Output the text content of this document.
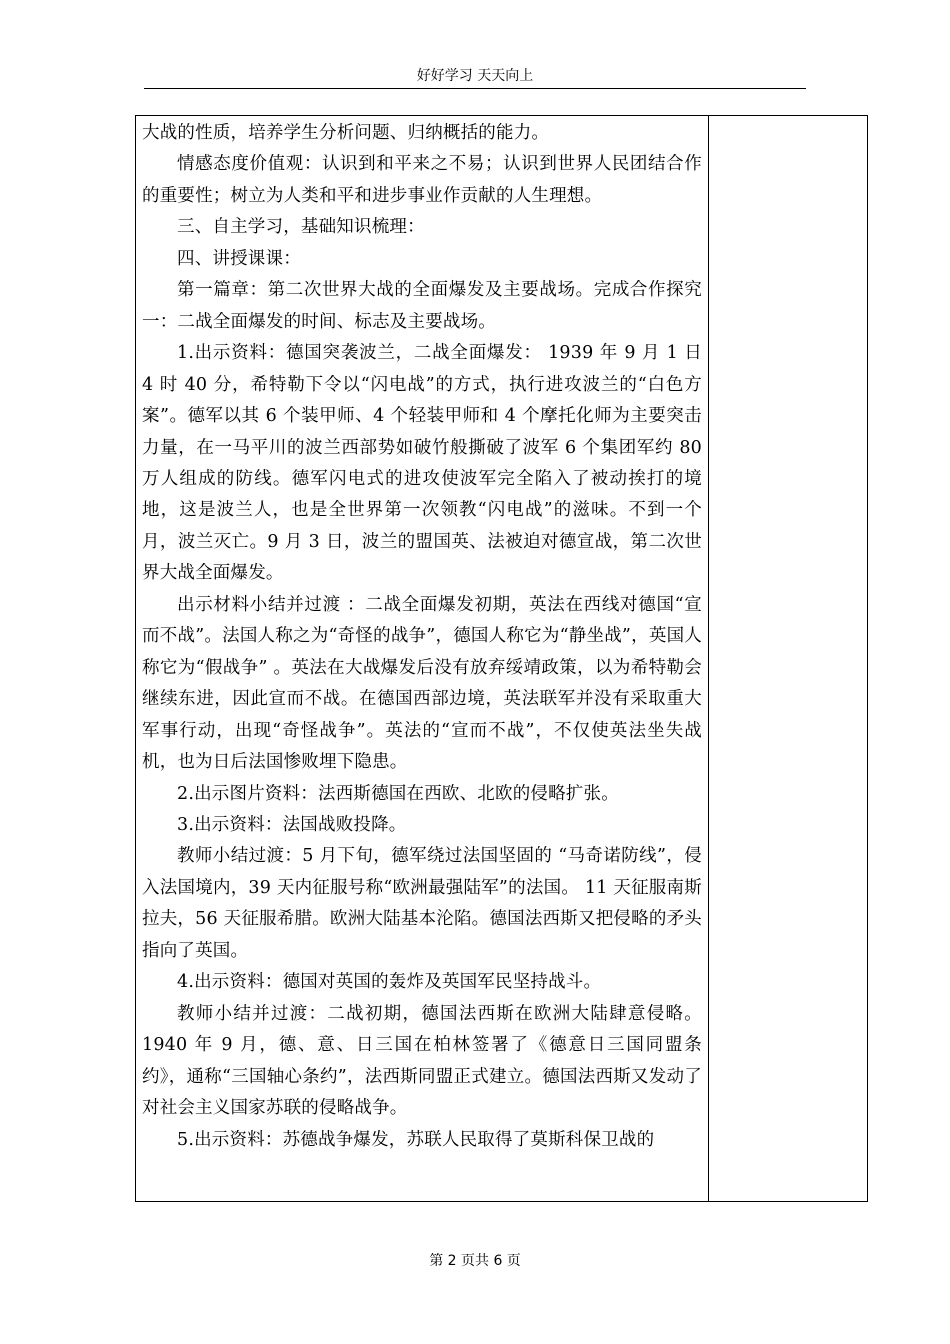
好好学习 天天向上

大战的性质，培养学生分析问题、归纳概括的能力。

情感态度价值观：认识到和平来之不易；认识到世界人民团结合作的重要性；树立为人类和平和进步事业作贡献的人生理想。

三、自主学习，基础知识梳理：

四、讲授课课：

第一篇章：第二次世界大战的全面爆发及主要战场。完成合作探究一：二战全面爆发的时间、标志及主要战场。

1.出示资料：德国突袭波兰，二战全面爆发： 1939 年 9 月 1 日 4 时 40 分，希特勒下令以“闪电战”的方式，执行进攻波兰的“白色方案”。德军以其 6 个装甲师、4 个轻装甲师和 4 个摩托化师为主要突击力量，在一马平川的波兰西部势如破竹般撕破了波军 6 个集团军约 80 万人组成的防线。德军闪电式的进攻使波军完全陷入了被动挨打的境地，这是波兰人，也是全世界第一次领教“闪电战”的滋味。不到一个月，波兰灭亡。9 月 3 日，波兰的盟国英、法被迫对德宣战，第二次世界大战全面爆发。

出示材料小结并过渡 ：二战全面爆发初期，英法在西线对德国“宣而不战”。法国人称之为“奇怪的战争”，德国人称它为“静坐战”，英国人称它为“假战争” 。英法在大战爆发后没有放弃绥靖政策，以为希特勒会继续东进，因此宣而不战。在德国西部边境，英法联军并没有采取重大军事行动，出现“奇怪战争”。英法的“宣而不战”，不仅使英法坐失战机，也为日后法国惨败埋下隐患。

2.出示图片资料：法西斯德国在西欧、北欧的侵略扩张。

3.出示资料：法国战败投降。

教师小结过渡：5 月下旬，德军绕过法国坚固的 “马奇诺防线”，侵入法国境内，39 天内征服号称“欧洲最强陆军”的法国。 11 天征服南斯拉夫，56 天征服希腊。欧洲大陆基本沦陷。德国法西斯又把侵略的矛头指向了英国。

4.出示资料：德国对英国的轰炸及英国军民坚持战斗。

教师小结并过渡：二战初期，德国法西斯在欧洲大陆肆意侵略。1940 年 9 月，德、意、日三国在柏林签署了《德意日三国同盟条约》，通称“三国轴心条约”，法西斯同盟正式建立。德国法西斯又发动了对社会主义国家苏联的侵略战争。

5.出示资料：苏德战争爆发，苏联人民取得了莫斯科保卫战的

第 2 页共 6 页
